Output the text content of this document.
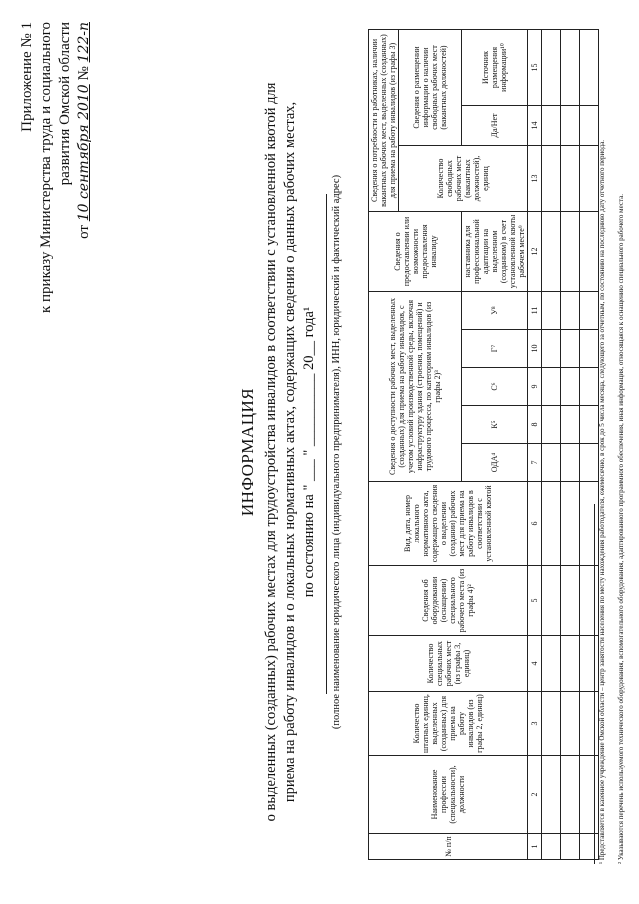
Приложение № 1 к приказу Министерства труда и социального развития Омской области
от 10 сентября 2010 № 122-п
ИНФОРМАЦИЯ о выделенных (созданных) рабочих местах для трудоустройства инвалидов в соответствии с установленной квотой для приема на работу инвалидов и о локальных нормативных актах, содержащих сведения о данных рабочих местах, по состоянию на " ___ " __________ 20__ года¹ (полное наименование юридического лица (индивидуального предпринимателя), ИНН, юридический и фактический адрес)
№ п/п	Наименование профессии (специальности), должности	Количество штатных единиц, выделенных (созданных) для приема на работу инвалидов (из графы 2, единиц)	Количество специальных рабочих мест (из графы 3, единиц)	Сведения об оборудовании (оснащении) специального рабочего места (из графы 4)²	Вид, дата, номер локального нормативного акта, содержащего сведения о выделении (создании) рабочих мест для приема на работу инвалидов в соответствии с установленной квотой	Сведения о доступности рабочих мест, выделенных (созданных) для приема на работу инвалидов, с учетом условий производственной среды, включая инфраструктуру здания (строения, помещений) и трудового процесса, по категориям инвалидов (из графы 2)³					Сведения о предоставлении или возможности предоставления инвалиду	Сведения о потребности в работниках, наличии вакантных рабочих мест, выделенных (созданных) для приема на работу инвалидов (из графы 3)		
												Количество свободных рабочих мест (вакантных должностей), единиц	Сведения о размещении информации о наличии свободных рабочих мест (вакантных должностей)	
						ОДА⁴	К⁵	С⁶	Г⁷	У⁸	наставника для профессиональной адаптации на выделенном (созданном) в счет установленной квоты рабочем месте⁹		Да/Нет	Источник размещения информации¹⁰
1	2	3	4	5	6	7	8	9	10	11	12	13	14	15

¹ Представляется в казенное учреждение Омской области – центр занятости населения по месту нахождения работодателя, ежемесячно, в срок до 5 числа месяца, следующего за отчетным, по состоянию на последнюю дату отчетного периода. ² Указываются перечень используемого технического оборудования, вспомогательного оборудования, адаптированного программного обеспечения, иная информация, относящаяся к оснащению специального рабочего места.
